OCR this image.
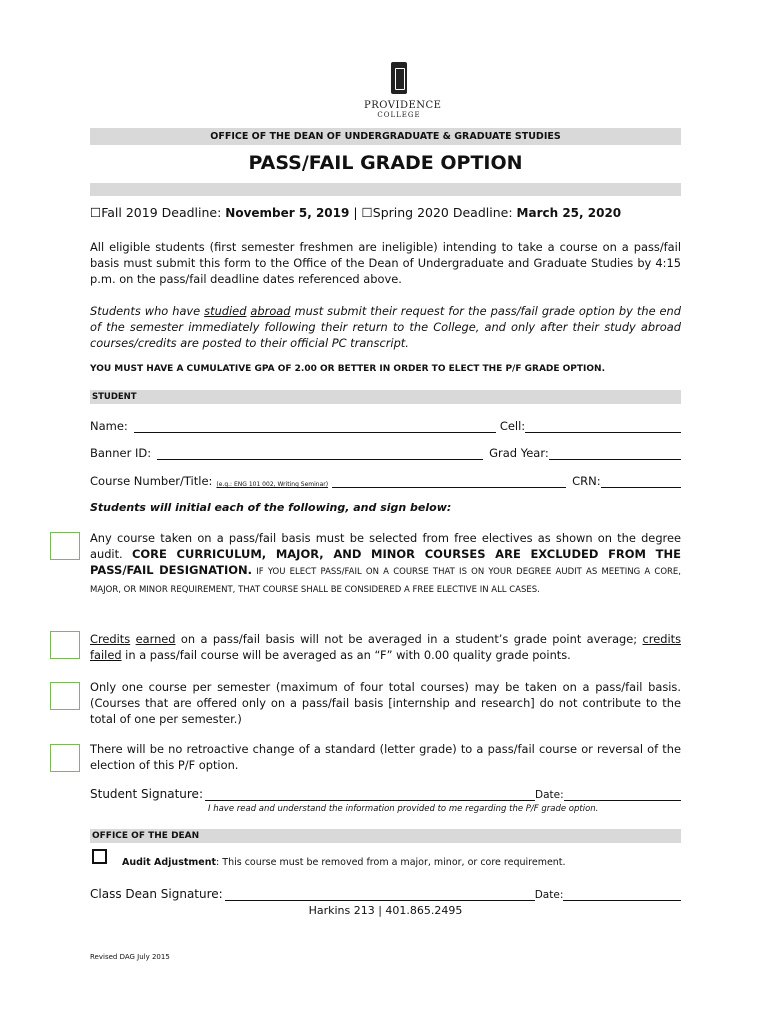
PROVIDENCE
COLLEGE
OFFICE OF THE DEAN OF UNDERGRADUATE & GRADUATE STUDIES
PASS/FAIL GRADE OPTION
☐Fall 2019 Deadline: November 5, 2019 | ☐Spring 2020 Deadline: March 25, 2020
All eligible students (first semester freshmen are ineligible) intending to take a course on a pass/fail basis must submit this form to the Office of the Dean of Undergraduate and Graduate Studies by 4:15 p.m. on the pass/fail deadline dates referenced above.
Students who have studied abroad must submit their request for the pass/fail grade option by the end of the semester immediately following their return to the College, and only after their study abroad courses/credits are posted to their official PC transcript.
YOU MUST HAVE A CUMULATIVE GPA OF 2.00 OR BETTER IN ORDER TO ELECT THE P/F GRADE OPTION.
STUDENT
Name:	Cell:
Banner ID:	Grad Year:
Course Number/Title: (e.g.: ENG 101 002, Writing Seminar)	CRN:
Students will initial each of the following, and sign below:
Any course taken on a pass/fail basis must be selected from free electives as shown on the degree audit. CORE CURRICULUM, MAJOR, AND MINOR COURSES ARE EXCLUDED FROM THE PASS/FAIL DESIGNATION. IF YOU ELECT PASS/FAIL ON A COURSE THAT IS ON YOUR DEGREE AUDIT AS MEETING A CORE, MAJOR, OR MINOR REQUIREMENT, THAT COURSE SHALL BE CONSIDERED A FREE ELECTIVE IN ALL CASES.
Credits earned on a pass/fail basis will not be averaged in a student’s grade point average; credits failed in a pass/fail course will be averaged as an “F” with 0.00 quality grade points.
Only one course per semester (maximum of four total courses) may be taken on a pass/fail basis. (Courses that are offered only on a pass/fail basis [internship and research] do not contribute to the total of one per semester.)
There will be no retroactive change of a standard (letter grade) to a pass/fail course or reversal of the election of this P/F option.
Student Signature:	Date:
I have read and understand the information provided to me regarding the P/F grade option.
OFFICE OF THE DEAN
Audit Adjustment: This course must be removed from a major, minor, or core requirement.
Class Dean Signature:	Date:
Harkins 213 | 401.865.2495
Revised DAG July 2015
